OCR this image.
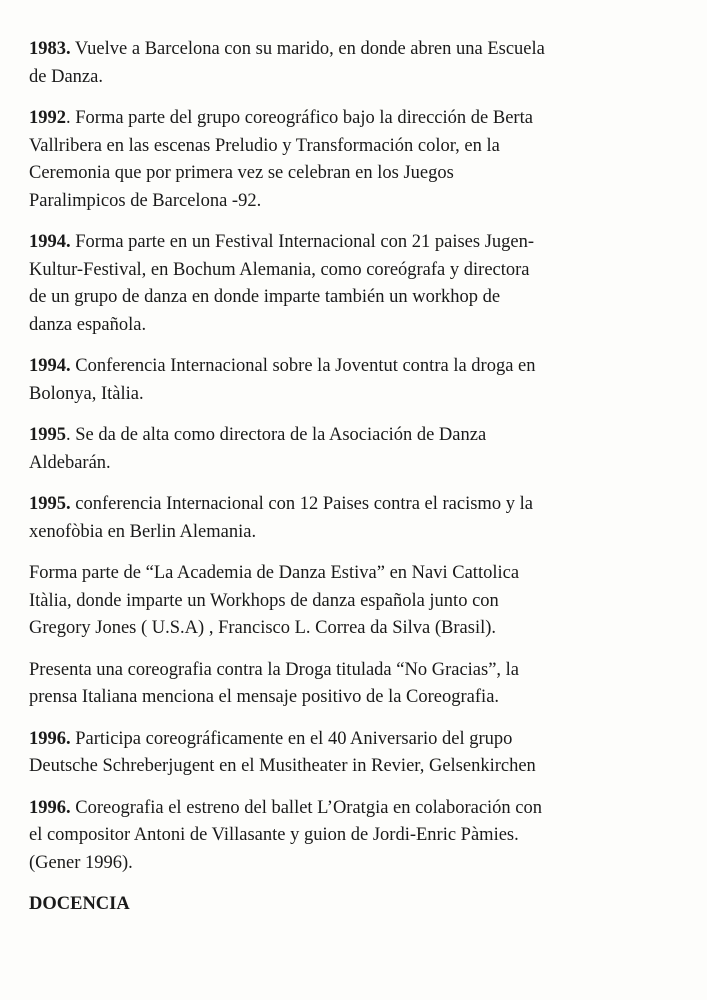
1983. Vuelve a Barcelona con su marido, en donde abren una Escuela
de Danza.

1992. Forma parte del grupo coreográfico bajo la dirección de Berta
Vallribera en las escenas Preludio y Transformación color, en la
Ceremonia que por primera vez se celebran en los Juegos
Paralimpicos de Barcelona -92.

1994. Forma parte en un Festival Internacional con 21 paises Jugen-
Kultur-Festival, en Bochum Alemania, como coreógrafa y directora
de un grupo de danza en donde imparte también un workhop de
danza española.

1994. Conferencia Internacional sobre la Joventut contra la droga en
Bolonya, Itàlia.

1995. Se da de alta como directora de la Asociación de Danza
Aldebarán.

1995. conferencia Internacional con 12 Paises contra el racismo y la
xenofòbia en Berlin Alemania.

Forma parte de “La Academia de Danza Estiva” en Navi Cattolica
Itàlia, donde imparte un Workhops de danza española junto con
Gregory Jones ( U.S.A) , Francisco L. Correa da Silva (Brasil).

Presenta una coreografia contra la Droga titulada “No Gracias”, la
prensa Italiana menciona el mensaje positivo de la Coreografia.

1996. Participa coreográficamente en el 40 Aniversario del grupo
Deutsche Schreberjugent en el Musitheater in Revier, Gelsenkirchen

1996. Coreografia el estreno del ballet L’Oratgia en colaboración con
el compositor Antoni de Villasante y guion de Jordi-Enric Pàmies.
(Gener 1996).

DOCENCIA
